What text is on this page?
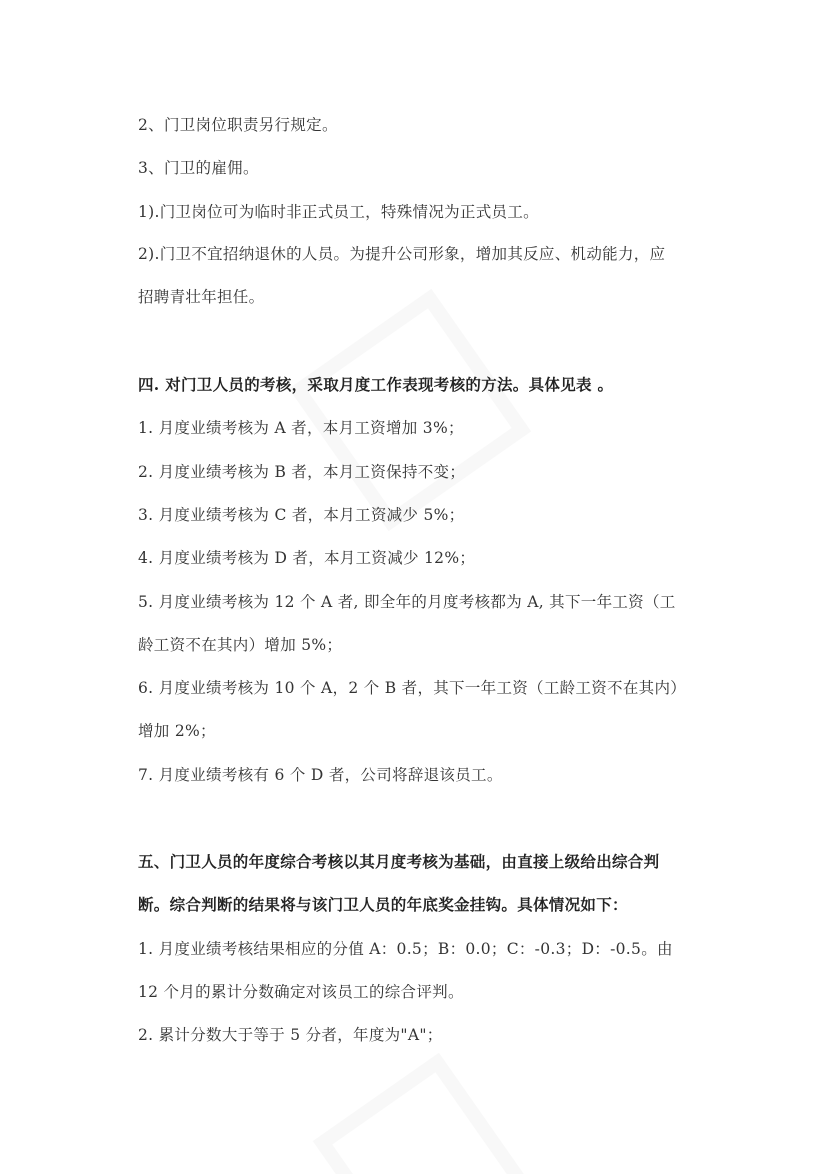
2、门卫岗位职责另行规定。
3、门卫的雇佣。
1).门卫岗位可为临时非正式员工，特殊情况为正式员工。
2).门卫不宜招纳退休的人员。为提升公司形象，增加其反应、机动能力，应
招聘青壮年担任。
四. 对门卫人员的考核，采取月度工作表现考核的方法。具体见表 。
1. 月度业绩考核为 A 者，本月工资增加 3%；
2. 月度业绩考核为 B 者，本月工资保持不变；
3. 月度业绩考核为 C 者，本月工资减少 5%；
4. 月度业绩考核为 D 者，本月工资减少 12%；
5. 月度业绩考核为 12 个 A 者, 即全年的月度考核都为 A, 其下一年工资（工
龄工资不在其内）增加 5%；
6. 月度业绩考核为 10 个 A，2 个 B 者，其下一年工资（工龄工资不在其内）
增加 2%；
7. 月度业绩考核有 6 个 D 者，公司将辞退该员工。
五、门卫人员的年度综合考核以其月度考核为基础，由直接上级给出综合判
断。综合判断的结果将与该门卫人员的年底奖金挂钩。具体情况如下：
1. 月度业绩考核结果相应的分值 A：0.5；B：0.0；C：-0.3；D：-0.5。由
12 个月的累计分数确定对该员工的综合评判。
2. 累计分数大于等于 5 分者，年度为"A"；
